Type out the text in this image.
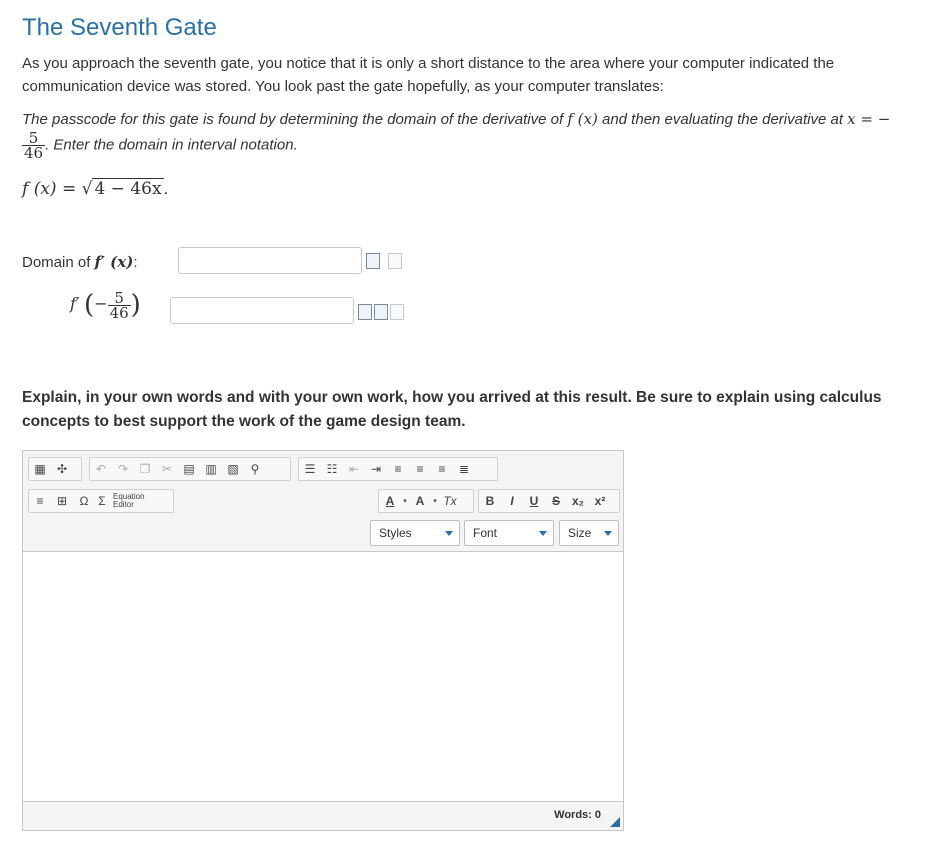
The Seventh Gate

As you approach the seventh gate, you notice that it is only a short distance to the area where your computer indicated the communication device was stored. You look past the gate hopefully, as your computer translates:

The passcode for this gate is found by determining the domain of the derivative of f (x) and then evaluating the derivative at x = −
$\frac{5}{46}$ . Enter the domain in interval notation.
f (x) = √ 4 − 46x .
Domain of f′ (x):
f′ (− $\frac{5}{46}$ )
Explain, in your own words and with your own work, how you arrived at this result. Be sure to explain using calculus concepts to best support the work of the game design team.
▦ ✣	↶ ↷ ❐ ✂ ▤ ▥ ▧ ⚲	☰ ☷ ⇤ ⇥	≡	≡	≡	≣
≡	⊞	Ω Σ Equation
Editor	A	▾ A	▾ Tx	B	I	U	S x₂ x²
Styles	Font	Size
Words: 0
